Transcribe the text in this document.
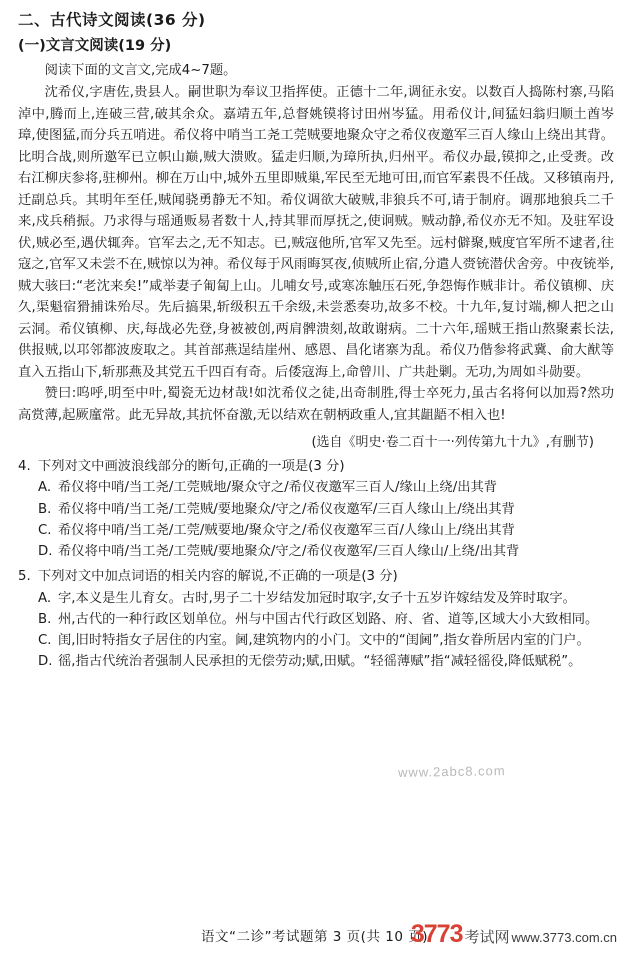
二、古代诗文阅读(36 分)
(一)文言文阅读(19 分)

阅读下面的文言文,完成4~7题。

沈希仪,字唐佐,贵县人。嗣世职为奉议卫指挥使。正德十二年,调征永安。以数百人捣陈村寨,马陷淖中,腾而上,连破三营,破其余众。嘉靖五年,总督姚镆将讨田州岑猛。用希仪计,间猛妇翁归顺土酋岑璋,使图猛,而分兵五哨进。希仪将中哨当工尧工莞贼要地聚众守之希仪夜邀军三百人缘山上绕出其背。比明合战,则所邀军已立帜山巅,贼大溃败。猛走归顺,为璋所执,归州平。希仪办最,镆抑之,止受赉。改右江柳庆参将,驻柳州。柳在万山中,城外五里即贼巢,军民至无地可田,而官军素畏不任战。又移镇南丹,迁副总兵。其明年至任,贼闻骁勇静无不知。希仪调欲大破贼,非狼兵不可,请于制府。调那地狼兵二千来,戍兵稍振。乃求得与瑶通贩易者数十人,持其罪而厚抚之,使诇贼。贼动静,希仪亦无不知。及驻军设伏,贼必至,遇伏辄奔。官军去之,无不知志。已,贼寇他所,官军又先至。远村僻聚,贼度官军所不逮者,往寇之,官军又未尝不在,贼惊以为神。希仪每于风雨晦冥夜,侦贼所止宿,分遣人赍铳潜伏舍旁。中夜铳举,贼大骇曰:“老沈来矣!”咸举妻子匍匐上山。儿哺女号,或寒冻触压石死,争怨悔作贼非计。希仪镇柳、庆久,渠魁宿猾捕诛殆尽。先后搞果,斩级积五千余级,未尝悉奏功,故多不校。十九年,复讨端,柳人把之山云洞。希仪镇柳、庆,每战必先登,身被被创,两肩髀溃刻,故敢谢病。二十六年,瑶贼王指山熬聚素长法,供报贼,以邛邻都波废取之。其首部燕逞结崖州、感恩、昌化诸寨为乱。希仪乃偕参将武冀、俞大猷等直入五指山下,斩那燕及其党五千四百有奇。后倭寇海上,命曾川、广共赴剿。无功,为周如斗勋要。

赞曰:呜呼,明至中叶,蜀瓷无边材哉!如沈希仪之徒,出奇制胜,得士卒死力,虽古名将何以加焉?然功高赏薄,起厥廑常。此无异故,其抗怀奋激,无以结欢在朝柄政重人,宜其龃龉不相入也!

(选自《明史·卷二百十一·列传第九十九》,有删节)
4. 下列对文中画波浪线部分的断句,正确的一项是(3 分)
A. 希仪将中哨/当工尧/工莞贼地/聚众守之/希仪夜邀军三百人/缘山上绕/出其背
B. 希仪将中哨/当工尧/工莞贼/要地聚众/守之/希仪夜邀军/三百人缘山上/绕出其背
C. 希仪将中哨/当工尧/工莞/贼要地/聚众守之/希仪夜邀军三百/人缘山上/绕出其背
D. 希仪将中哨/当工尧/工莞贼/要地聚众/守之/希仪夜邀军/三百人缘山/上绕/出其背
5. 下列对文中加点词语的相关内容的解说,不正确的一项是(3 分)
A. 字,本义是生儿育女。古时,男子二十岁结发加冠时取字,女子十五岁许嫁结发及笄时取字。
B. 州,古代的一种行政区划单位。州与中国古代行政区划路、府、省、道等,区域大小大致相同。
C. 闺,旧时特指女子居住的内室。阃,建筑物内的小门。文中的“闺阃”,指女眷所居内室的门户。
D. 徭,指古代统治者强制人民承担的无偿劳动;赋,田赋。“轻徭薄赋”指“减轻徭役,降低赋税”。
www.2abc8.com
语文“二诊”考试题第 3 页(共 10 页)
3773 考试网 www.3773.com.cn
